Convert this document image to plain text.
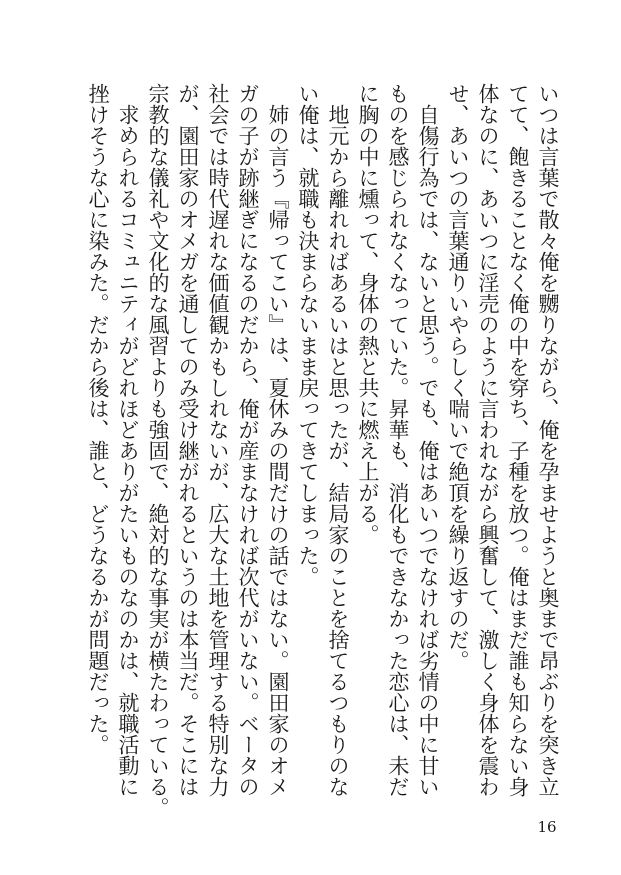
いつは言葉で散々俺を嬲りながら、俺を孕ませようと奥まで昂ぶりを突き立
てて、飽きることなく俺の中を穿ち、子種を放つ。俺はまだ誰も知らない身
体なのに、あいつに淫売のように言われながら興奮して、激しく身体を震わ
せ、あいつの言葉通りいやらしく喘いで絶頂を繰り返すのだ。
　自傷行為では、ないと思う。でも、俺はあいつでなければ劣情の中に甘い
ものを感じられなくなっていた。昇華も、消化もできなかった恋心は、未だ
に胸の中に燻って、身体の熱と共に燃え上がる。
　地元から離れればあるいはと思ったが、結局家のことを捨てるつもりのな
い俺は、就職も決まらないまま戻ってきてしまった。
　姉の言う『帰ってこい』は、夏休みの間だけの話ではない。園田家のオメ
ガの子が跡継ぎになるのだから、俺が産まなければ次代がいない。ベータの
社会では時代遅れな価値観かもしれないが、広大な土地を管理する特別な力
が、園田家のオメガを通してのみ受け継がれるというのは本当だ。そこには
宗教的な儀礼や文化的な風習よりも強固で、絶対的な事実が横たわっている。
　求められるコミュニティがどれほどありがたいものなのかは、就職活動に
挫けそうな心に染みた。だから後は、誰と、どうなるかが問題だった。
16
